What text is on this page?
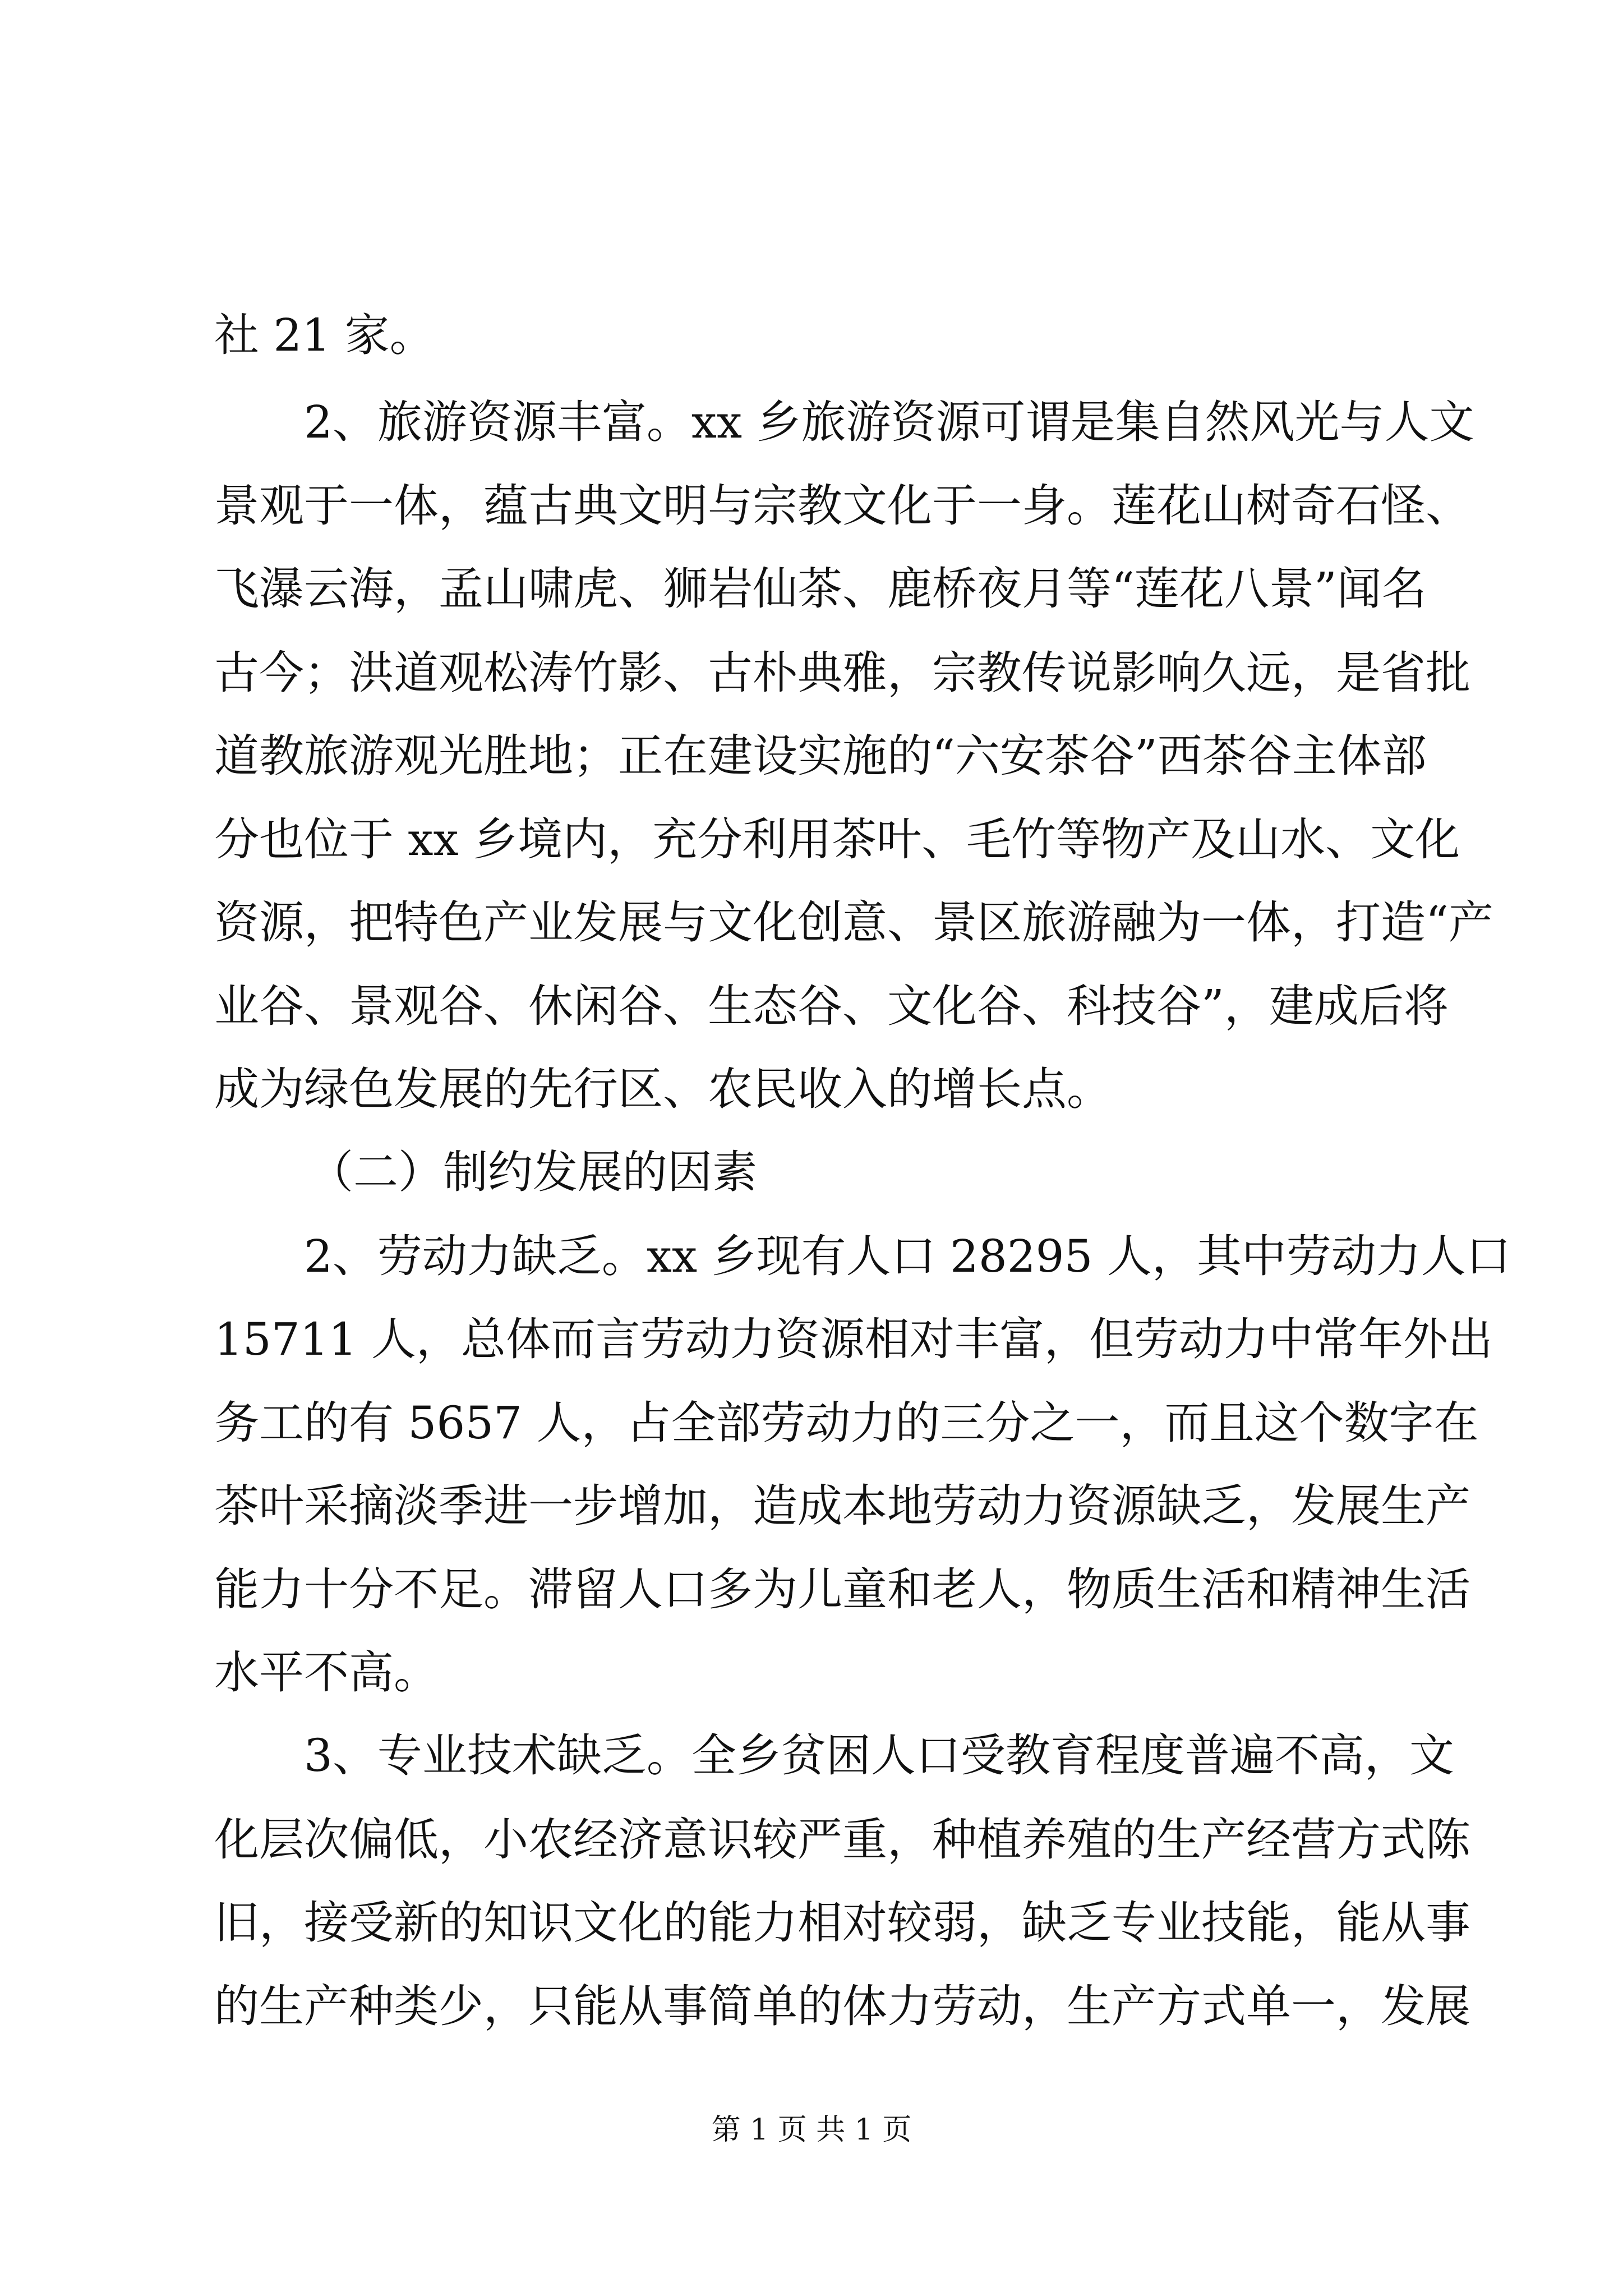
社 21 家。
2、旅游资源丰富。xx 乡旅游资源可谓是集自然风光与人文
景观于一体，蕴古典文明与宗教文化于一身。莲花山树奇石怪、
飞瀑云海，孟山啸虎、狮岩仙茶、鹿桥夜月等“莲花八景”闻名
古今；洪道观松涛竹影、古朴典雅，宗教传说影响久远，是省批
道教旅游观光胜地；正在建设实施的“六安茶谷”西茶谷主体部
分也位于 xx 乡境内，充分利用茶叶、毛竹等物产及山水、文化
资源，把特色产业发展与文化创意、景区旅游融为一体，打造“产
业谷、景观谷、休闲谷、生态谷、文化谷、科技谷”，建成后将
成为绿色发展的先行区、农民收入的增长点。
（二）制约发展的因素
2、劳动力缺乏。xx 乡现有人口 28295 人，其中劳动力人口
15711 人，总体而言劳动力资源相对丰富，但劳动力中常年外出
务工的有 5657 人，占全部劳动力的三分之一，而且这个数字在
茶叶采摘淡季进一步增加，造成本地劳动力资源缺乏，发展生产
能力十分不足。滞留人口多为儿童和老人，物质生活和精神生活
水平不高。
3、专业技术缺乏。全乡贫困人口受教育程度普遍不高，文
化层次偏低，小农经济意识较严重，种植养殖的生产经营方式陈
旧，接受新的知识文化的能力相对较弱，缺乏专业技能，能从事
的生产种类少，只能从事简单的体力劳动，生产方式单一，发展
第 1 页 共 1 页
